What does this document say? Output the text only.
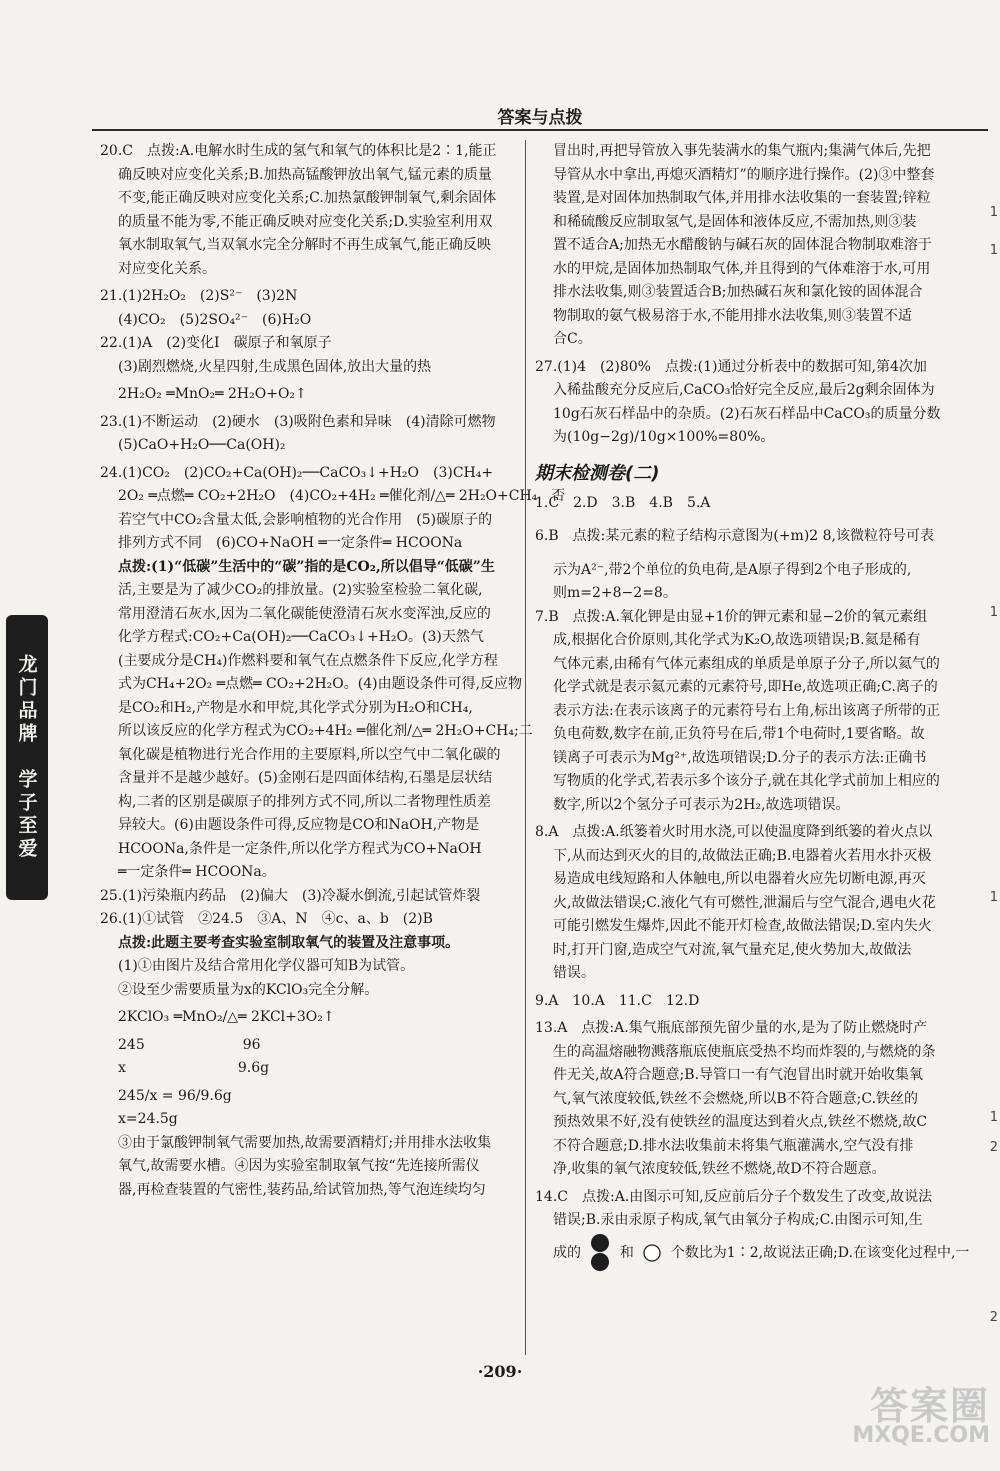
答案与点拨
20.C　点拨:A.电解水时生成的氢气和氧气的体积比是2∶1,能正
确反映对应变化关系;B.加热高锰酸钾放出氧气,锰元素的质量
不变,能正确反映对应变化关系;C.加热氯酸钾制氧气,剩余固体
的质量不能为零,不能正确反映对应变化关系;D.实验室利用双
氧水制取氧气,当双氧水完全分解时不再生成氧气,能正确反映
对应变化关系。
21.(1)2H₂O₂　(2)S²⁻　(3)2N
(4)CO₂　(5)2SO₄²⁻　(6)H₂O
22.(1)A　(2)变化Ⅰ　碳原子和氧原子
(3)剧烈燃烧,火星四射,生成黑色固体,放出大量的热
2H₂O₂ ═MnO₂═ 2H₂O+O₂↑
23.(1)不断运动　(2)硬水　(3)吸附色素和异味　(4)清除可燃物
(5)CaO+H₂O──Ca(OH)₂
24.(1)CO₂　(2)CO₂+Ca(OH)₂──CaCO₃↓+H₂O　(3)CH₄+
2O₂ ═点燃═ CO₂+2H₂O　(4)CO₂+4H₂ ═催化剂/△═ 2H₂O+CH₄　否
若空气中CO₂含量太低,会影响植物的光合作用　(5)碳原子的
排列方式不同　(6)CO+NaOH ═一定条件═ HCOONa
点拨:(1)“低碳”生活中的“碳”指的是CO₂,所以倡导“低碳”生
活,主要是为了减少CO₂的排放量。(2)实验室检验二氧化碳,
常用澄清石灰水,因为二氧化碳能使澄清石灰水变浑浊,反应的
化学方程式:CO₂+Ca(OH)₂──CaCO₃↓+H₂O。(3)天然气
(主要成分是CH₄)作燃料要和氧气在点燃条件下反应,化学方程
式为CH₄+2O₂ ═点燃═ CO₂+2H₂O。(4)由题设条件可得,反应物
是CO₂和H₂,产物是水和甲烷,其化学式分别为H₂O和CH₄,
所以该反应的化学方程式为CO₂+4H₂ ═催化剂/△═ 2H₂O+CH₄;二
氧化碳是植物进行光合作用的主要原料,所以空气中二氧化碳的
含量并不是越少越好。(5)金刚石是四面体结构,石墨是层状结
构,二者的区别是碳原子的排列方式不同,所以二者物理性质差
异较大。(6)由题设条件可得,反应物是CO和NaOH,产物是
HCOONa,条件是一定条件,所以化学方程式为CO+NaOH
═一定条件═ HCOONa。
25.(1)污染瓶内药品　(2)偏大　(3)冷凝水倒流,引起试管炸裂
26.(1)①试管　②24.5　③A、N　④c、a、b　(2)B
点拨:此题主要考查实验室制取氧气的装置及注意事项。
(1)①由图片及结合常用化学仪器可知B为试管。
②设至少需要质量为x的KClO₃完全分解。
2KClO₃ ═MnO₂/△═ 2KCl+3O₂↑
245　　　　　　　96
x　　　　　　　　9.6g
245/x = 96/9.6g
x=24.5g
③由于氯酸钾制氧气需要加热,故需要酒精灯;并用排水法收集
氧气,故需要水槽。④因为实验室制取氧气按“先连接所需仪
器,再检查装置的气密性,装药品,给试管加热,等气泡连续均匀
冒出时,再把导管放入事先装满水的集气瓶内;集满气体后,先把
导管从水中拿出,再熄灭酒精灯”的顺序进行操作。(2)③中整套
装置,是对固体加热制取气体,并用排水法收集的一套装置;锌粒
和稀硫酸反应制取氢气,是固体和液体反应,不需加热,则③装
置不适合A;加热无水醋酸钠与碱石灰的固体混合物制取难溶于
水的甲烷,是固体加热制取气体,并且得到的气体难溶于水,可用
排水法收集,则③装置适合B;加热碱石灰和氯化铵的固体混合
物制取的氨气极易溶于水,不能用排水法收集,则③装置不适
合C。
27.(1)4　(2)80%　点拨:(1)通过分析表中的数据可知,第4次加
入稀盐酸充分反应后,CaCO₃恰好完全反应,最后2g剩余固体为
10g石灰石样品中的杂质。(2)石灰石样品中CaCO₃的质量分数
为(10g−2g)/10g×100%=80%。
期末检测卷(二)
1.C　2.D　3.B　4.B　5.A
6.B　点拨:某元素的粒子结构示意图为(+m)2 8,该微粒符号可表
示为A²⁻,带2个单位的负电荷,是A原子得到2个电子形成的,
则m=2+8−2=8。
7.B　点拨:A.氧化钾是由显+1价的钾元素和显−2价的氧元素组
成,根据化合价原则,其化学式为K₂O,故选项错误;B.氦是稀有
气体元素,由稀有气体元素组成的单质是单原子分子,所以氦气的
化学式就是表示氦元素的元素符号,即He,故选项正确;C.离子的
表示方法:在表示该离子的元素符号右上角,标出该离子所带的正
负电荷数,数字在前,正负符号在后,带1个电荷时,1要省略。故
镁离子可表示为Mg²⁺,故选项错误;D.分子的表示方法:正确书
写物质的化学式,若表示多个该分子,就在其化学式前加上相应的
数字,所以2个氢分子可表示为2H₂,故选项错误。
8.A　点拨:A.纸篓着火时用水浇,可以使温度降到纸篓的着火点以
下,从而达到灭火的目的,故做法正确;B.电器着火若用水扑灭极
易造成电线短路和人体触电,所以电器着火应先切断电源,再灭
火,故做法错误;C.液化气有可燃性,泄漏后与空气混合,遇电火花
可能引燃发生爆炸,因此不能开灯检查,故做法错误;D.室内失火
时,打开门窗,造成空气对流,氧气量充足,使火势加大,故做法
错误。
9.A　10.A　11.C　12.D
13.A　点拨:A.集气瓶底部预先留少量的水,是为了防止燃烧时产
生的高温熔融物溅落瓶底使瓶底受热不均而炸裂的,与燃烧的条
件无关,故A符合题意;B.导管口一有气泡冒出时就开始收集氧
气,氧气浓度较低,铁丝不会燃烧,所以B不符合题意;C.铁丝的
预热效果不好,没有使铁丝的温度达到着火点,铁丝不燃烧,故C
不符合题意;D.排水法收集前未将集气瓶灌满水,空气没有排
净,收集的氧气浓度较低,铁丝不燃烧,故D不符合题意。
14.C　点拨:A.由图示可知,反应前后分子个数发生了改变,故说法
错误;B.汞由汞原子构成,氧气由氧分子构成;C.由图示可知,生
成的	和	个数比为1∶2,故说法正确;D.在该变化过程中,一
·209·
龙门品牌　学子至爱
1
1
1
1
1
2
2
答案圈
MXQE.COM
